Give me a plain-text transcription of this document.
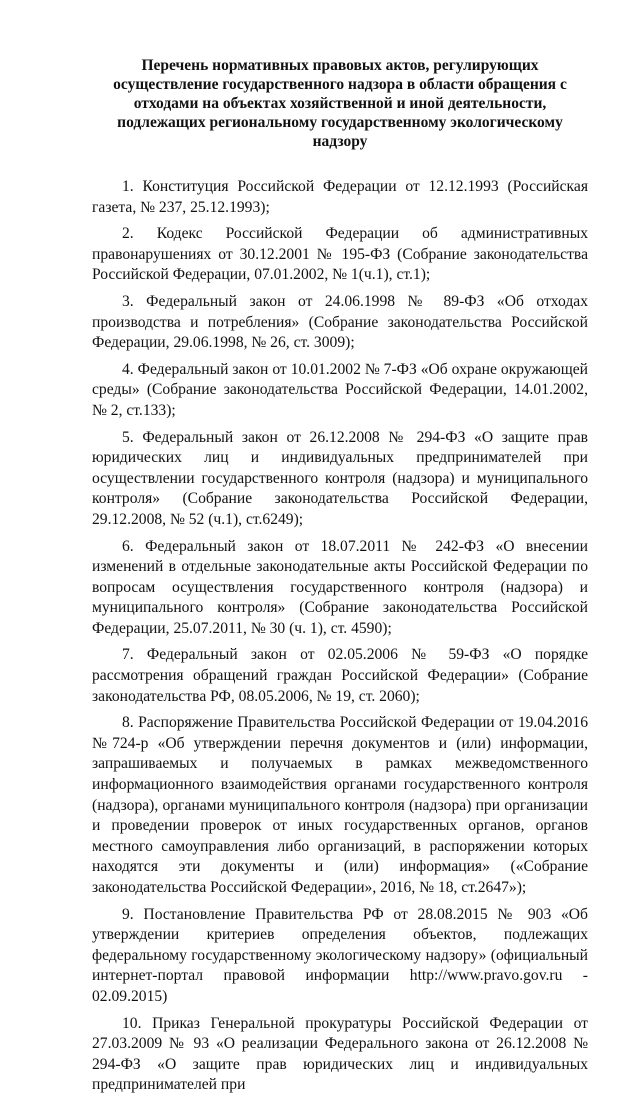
Перечень нормативных правовых актов, регулирующих осуществление государственного надзора в области обращения с отходами на объектах хозяйственной и иной деятельности, подлежащих региональному государственному экологическому надзору

1. Конституция Российской Федерации от 12.12.1993 (Российская газета, № 237, 25.12.1993);

2. Кодекс Российской Федерации об административных правонарушениях от 30.12.2001 № 195-ФЗ (Собрание законодательства Российской Федерации, 07.01.2002, № 1(ч.1), ст.1);

3. Федеральный закон от 24.06.1998 № 89-ФЗ «Об отходах производства и потребления» (Собрание законодательства Российской Федерации, 29.06.1998, № 26, ст. 3009);

4. Федеральный закон от 10.01.2002 № 7-ФЗ «Об охране окружающей среды» (Собрание законодательства Российской Федерации, 14.01.2002, № 2, ст.133);

5. Федеральный закон от 26.12.2008 № 294-ФЗ «О защите прав юридических лиц и индивидуальных предпринимателей при осуществлении государственного контроля (надзора) и муниципального контроля» (Собрание законодательства Российской Федерации, 29.12.2008, № 52 (ч.1), ст.6249);

6. Федеральный закон от 18.07.2011 № 242-ФЗ «О внесении изменений в отдельные законодательные акты Российской Федерации по вопросам осуществления государственного контроля (надзора) и муниципального контроля» (Собрание законодательства Российской Федерации, 25.07.2011, № 30 (ч. 1), ст. 4590);

7. Федеральный закон от 02.05.2006 № 59-ФЗ «О порядке рассмотрения обращений граждан Российской Федерации» (Собрание законодательства РФ, 08.05.2006, № 19, ст. 2060);

8. Распоряжение Правительства Российской Федерации от 19.04.2016 №724-р «Об утверждении перечня документов и (или) информации, запрашиваемых и получаемых в рамках межведомственного информационного взаимодействия органами государственного контроля (надзора), органами муниципального контроля (надзора) при организации и проведении проверок от иных государственных органов, органов местного самоуправления либо организаций, в распоряжении которых находятся эти документы и (или) информация» («Собрание законодательства Российской Федерации», 2016, № 18, ст.2647»);

9. Постановление Правительства РФ от 28.08.2015 № 903 «Об утверждении критериев определения объектов, подлежащих федеральному государственному экологическому надзору» (официальный интернет-портал правовой информации http://www.pravo.gov.ru - 02.09.2015)

10. Приказ Генеральной прокуратуры Российской Федерации от 27.03.2009 № 93 «О реализации Федерального закона от 26.12.2008 № 294-ФЗ «О защите прав юридических лиц и индивидуальных предпринимателей при
